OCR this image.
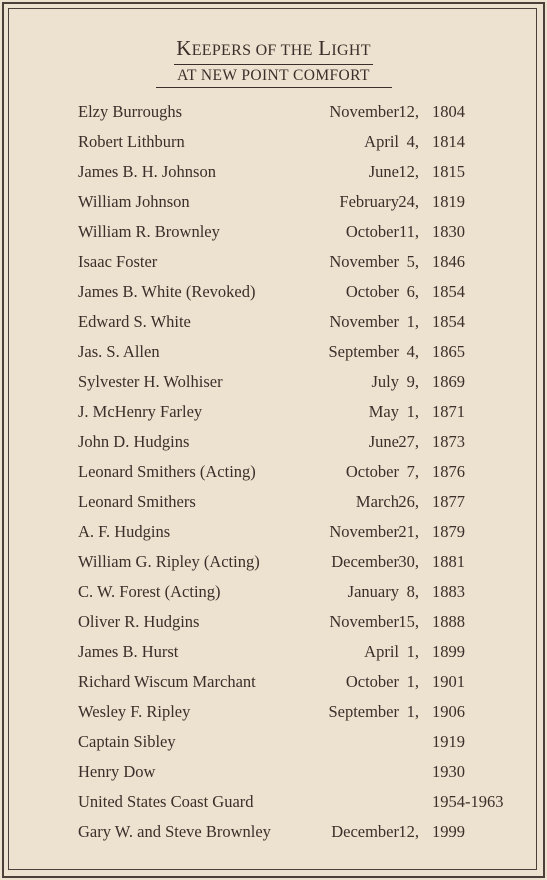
KEEPERS OF THE LIGHT
AT NEW POINT COMFORT
Elzy Burroughs	November 12, 1804
Robert Lithburn	April 4, 1814
James B. H. Johnson	June 12, 1815
William Johnson	February 24, 1819
William R. Brownley	October 11, 1830
Isaac Foster	November 5, 1846
James B. White (Revoked)	October 6, 1854
Edward S. White	November 1, 1854
Jas. S. Allen	September 4, 1865
Sylvester H. Wolhiser	July 9, 1869
J. McHenry Farley	May 1, 1871
John D. Hudgins	June 27, 1873
Leonard Smithers (Acting)	October 7, 1876
Leonard Smithers	March 26, 1877
A. F. Hudgins	November 21, 1879
William G. Ripley (Acting)	December 30, 1881
C. W. Forest (Acting)	January 8, 1883
Oliver R. Hudgins	November 15, 1888
James B. Hurst	April 1, 1899
Richard Wiscum Marchant	October 1, 1901
Wesley F. Ripley	September 1, 1906
Captain Sibley	1919
Henry Dow	1930
United States Coast Guard	1954-1963
Gary W. and Steve Brownley	December 12, 1999
